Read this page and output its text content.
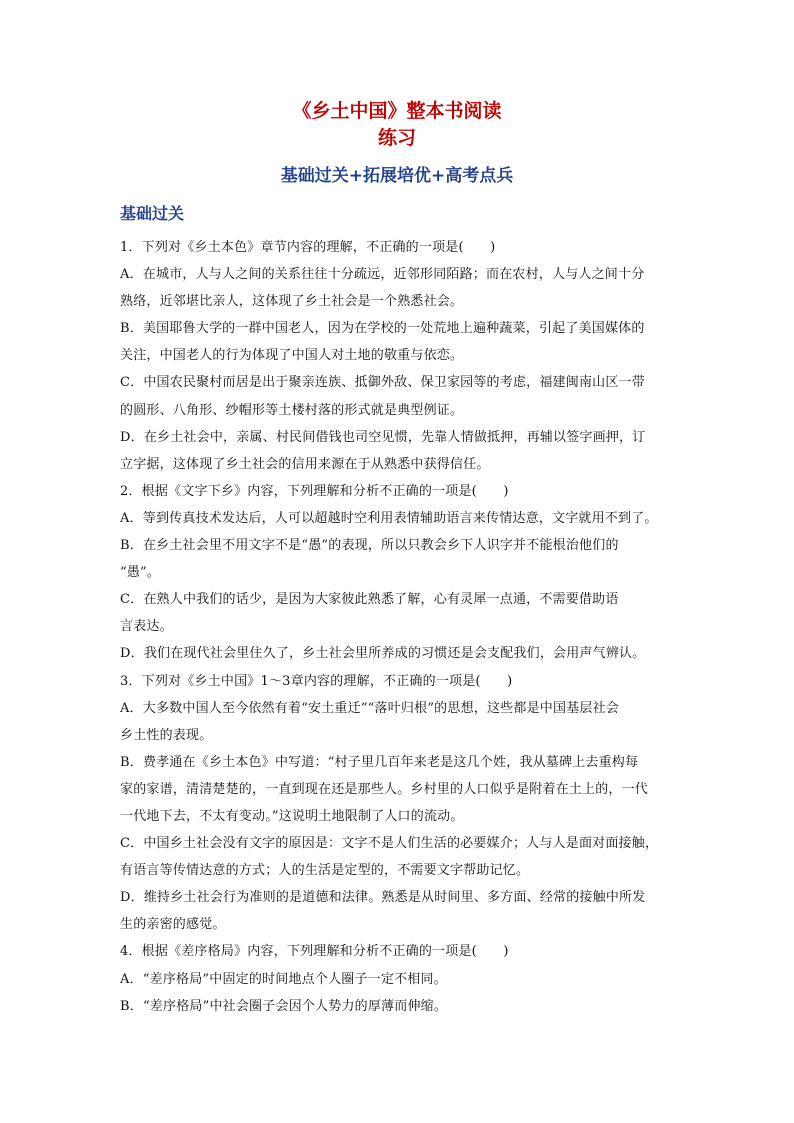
《乡土中国》整本书阅读
练习
基础过关+拓展培优+高考点兵
基础过关
1．下列对《乡土本色》章节内容的理解，不正确的一项是(　　)
A．在城市，人与人之间的关系往往十分疏远，近邻形同陌路；而在农村，人与人之间十分
熟络，近邻堪比亲人，这体现了乡土社会是一个熟悉社会。
B．美国耶鲁大学的一群中国老人，因为在学校的一处荒地上遍种蔬菜，引起了美国媒体的
关注，中国老人的行为体现了中国人对土地的敬重与依恋。
C．中国农民聚村而居是出于聚亲连族、抵御外敌、保卫家园等的考虑，福建闽南山区一带
的圆形、八角形、纱帽形等土楼村落的形式就是典型例证。
D．在乡土社会中，亲属、村民间借钱也司空见惯，先靠人情做抵押，再辅以签字画押，订
立字据，这体现了乡土社会的信用来源在于从熟悉中获得信任。
2．根据《文字下乡》内容，下列理解和分析不正确的一项是(　　)
A．等到传真技术发达后，人可以超越时空利用表情辅助语言来传情达意，文字就用不到了。
B．在乡土社会里不用文字不是“愚”的表现，所以只教会乡下人识字并不能根治他们的
“愚”。
C．在熟人中我们的话少，是因为大家彼此熟悉了解，心有灵犀一点通，不需要借助语
言表达。
D．我们在现代社会里住久了，乡土社会里所养成的习惯还是会支配我们，会用声气辨认。
3．下列对《乡土中国》1～3章内容的理解，不正确的一项是(　　)
A．大多数中国人至今依然有着“安土重迁”“落叶归根”的思想，这些都是中国基层社会
乡土性的表现。
B．费孝通在《乡土本色》中写道：“村子里几百年来老是这几个姓，我从墓碑上去重构每
家的家谱，清清楚楚的，一直到现在还是那些人。乡村里的人口似乎是附着在土上的，一代
一代地下去，不太有变动。”这说明土地限制了人口的流动。
C．中国乡土社会没有文字的原因是：文字不是人们生活的必要媒介；人与人是面对面接触，
有语言等传情达意的方式；人的生活是定型的，不需要文字帮助记忆。
D．维持乡土社会行为准则的是道德和法律。熟悉是从时间里、多方面、经常的接触中所发
生的亲密的感觉。
4．根据《差序格局》内容，下列理解和分析不正确的一项是(　　)
A．“差序格局”中固定的时间地点个人圈子一定不相同。
B．“差序格局”中社会圈子会因个人势力的厚薄而伸缩。
